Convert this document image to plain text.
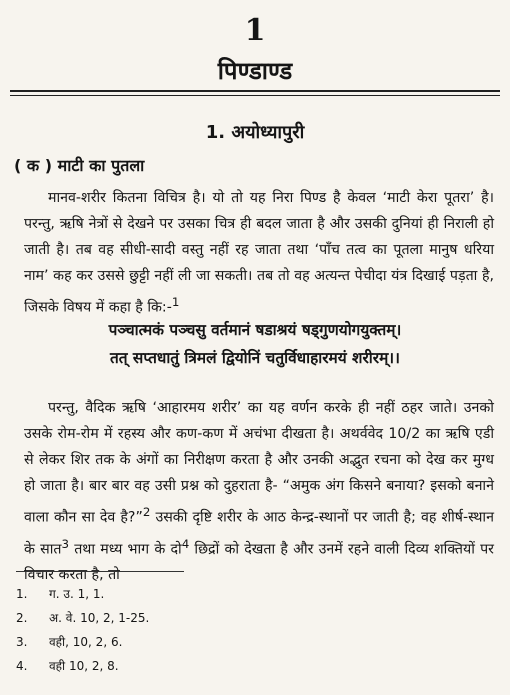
1
पिण्डाण्ड
1. अयोध्यापुरी
( क ) माटी का पुतला

मानव-शरीर कितना विचित्र है। यो तो यह निरा पिण्ड है केवल ‘माटी केरा पूतरा’ है। परन्तु, ऋषि नेत्रों से देखने पर उसका चित्र ही बदल जाता है और उसकी दुनियां ही निराली हो जाती है। तब वह सीधी-सादी वस्तु नहीं रह जाता तथा ‘पाँच तत्व का पूतला मानुष धरिया नाम’ कह कर उससे छुट्टी नहीं ली जा सकती। तब तो वह अत्यन्त पेचीदा यंत्र दिखाई पड़ता है, जिसके विषय में कहा है कि:-$^1$

पञ्चात्मकं पञ्चसु वर्तमानं षडाश्रयं षड्गुणयोगयुक्तम्।
तत् सप्तधातुं त्रिमलं द्वियोनिं चतुर्विधाहारमयं शरीरम्।।

परन्तु, वैदिक ऋषि ‘आहारमय शरीर’ का यह वर्णन करके ही नहीं ठहर जाते। उनको उसके रोम-रोम में रहस्य और कण-कण में अचंभा दीखता है। अथर्ववेद 10/2 का ऋषि एडी से लेकर शिर तक के अंगों का निरीक्षण करता है और उनकी अद्भुत रचना को देख कर मुग्ध हो जाता है। बार बार वह उसी प्रश्न को दुहराता है- “अमुक अंग किसने बनाया? इसको बनाने वाला कौन सा देव है?”$^2$ उसकी दृष्टि शरीर के आठ केन्द्र-स्थानों पर जाती है; वह शीर्ष-स्थान के सात$^3$ तथा मध्य भाग के दो$^4$ छिद्रों को देखता है और उनमें रहने वाली दिव्य शक्तियों पर विचार करता है, तो

1. ग. उ. 1, 1.
2. अ. वे. 10, 2, 1-25.
3. वही, 10, 2, 6.
4. वही 10, 2, 8.
